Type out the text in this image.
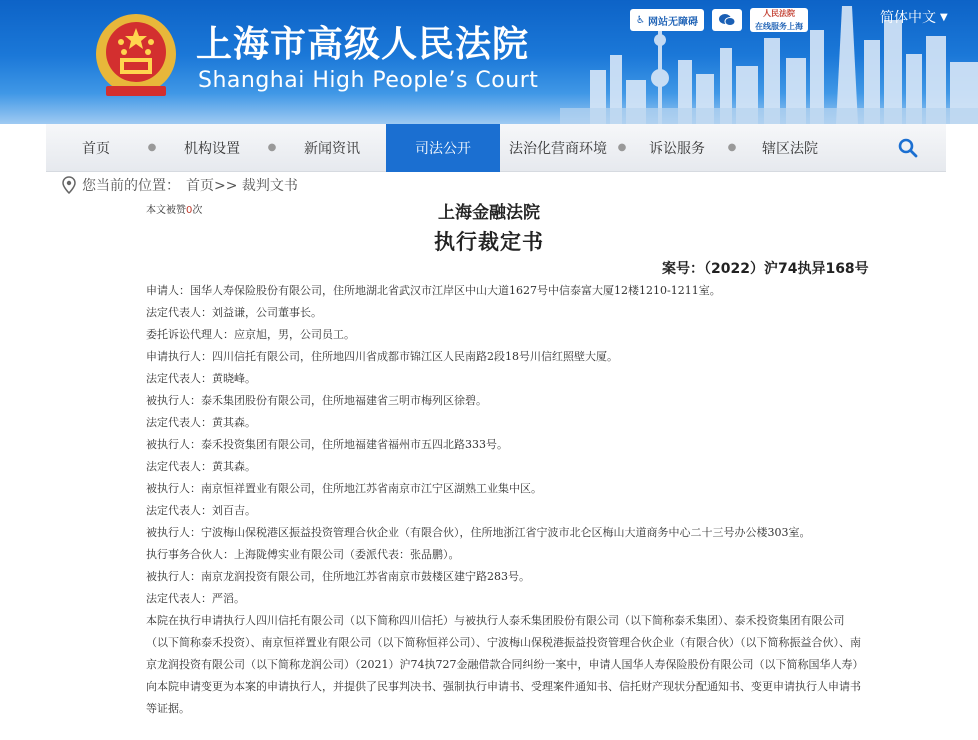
上海市高级人民法院
Shanghai High People’s Court
♿ 网站无障碍
人民法院
在线服务上海	简体中文 ▼
首页	● 机构设置	● 新闻资讯	司法公开	法治化营商环境 ● 诉讼服务 ● 辖区法院
您当前的位置： 首页>> 裁判文书
本文被赞0次	上海金融法院
执行裁定书
案号：（2022）沪74执异168号

申请人：国华人寿保险股份有限公司，住所地湖北省武汉市江岸区中山大道1627号中信泰富大厦12楼1210-1211室。

法定代表人：刘益谦，公司董事长。

委托诉讼代理人：应京旭，男，公司员工。

申请执行人：四川信托有限公司，住所地四川省成都市锦江区人民南路2段18号川信红照壁大厦。

法定代表人：黄晓峰。

被执行人：泰禾集团股份有限公司，住所地福建省三明市梅列区徐碧。

法定代表人：黄其森。

被执行人：泰禾投资集团有限公司，住所地福建省福州市五四北路333号。

法定代表人：黄其森。

被执行人：南京恒祥置业有限公司，住所地江苏省南京市江宁区湖熟工业集中区。

法定代表人：刘百吉。

被执行人：宁波梅山保税港区振益投资管理合伙企业（有限合伙），住所地浙江省宁波市北仑区梅山大道商务中心二十三号办公楼303室。

执行事务合伙人：上海陇傅实业有限公司（委派代表：张品鹏）。

被执行人：南京龙润投资有限公司，住所地江苏省南京市鼓楼区建宁路283号。

法定代表人：严滔。

本院在执行申请执行人四川信托有限公司（以下简称四川信托）与被执行人泰禾集团股份有限公司（以下简称泰禾集团）、泰禾投资集团有限公司（以下简称泰禾投资）、南京恒祥置业有限公司（以下简称恒祥公司）、宁波梅山保税港振益投资管理合伙企业（有限合伙）（以下简称振益合伙）、南京龙润投资有限公司（以下简称龙润公司）（2021）沪74执727金融借款合同纠纷一案中，申请人国华人寿保险股份有限公司（以下简称国华人寿）向本院申请变更为本案的申请执行人，并提供了民事判决书、强制执行申请书、受理案件通知书、信托财产现状分配通知书、变更申请执行人申请书等证据。
